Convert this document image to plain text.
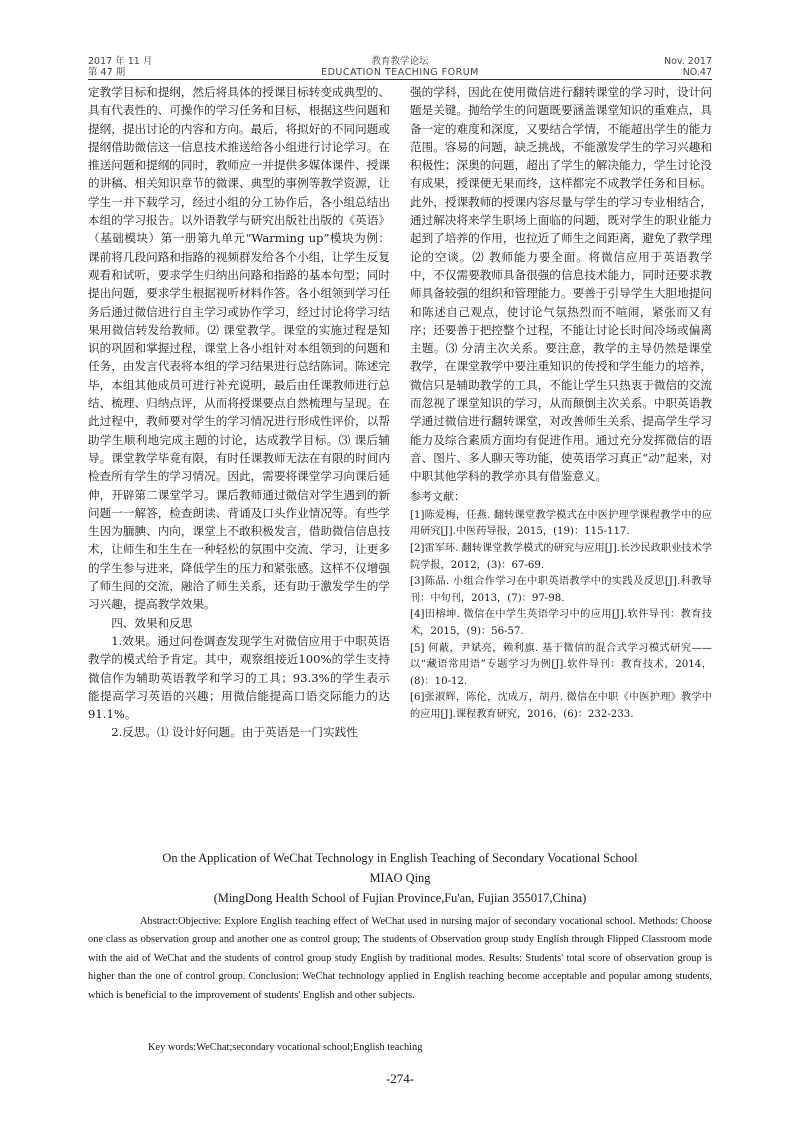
2017 年 11 月
第 47 期
教育教学论坛
EDUCATION TEACHING FORUM
Nov. 2017
NO.47

定教学目标和提纲，然后将具体的授课目标转变成典型的、具有代表性的、可操作的学习任务和目标，根据这些问题和提纲，提出讨论的内容和方向。最后，将拟好的不同问题或提纲借助微信这一信息技术推送给各小组进行讨论学习。在推送问题和提纲的同时，教师应一并提供多媒体课件、授课的讲稿、相关知识章节的微课、典型的事例等教学资源，让学生一并下载学习，经过小组的分工协作后，各小组总结出本组的学习报告。以外语教学与研究出版社出版的《英语》（基础模块）第一册第九单元“Warming up”模块为例：课前将几段问路和指路的视频群发给各个小组，让学生反复观看和试听，要求学生归纳出问路和指路的基本句型；同时提出问题，要求学生根据视听材料作答。各小组领到学习任务后通过微信进行自主学习或协作学习，经过讨论将学习结果用微信转发给教师。⑵ 课堂教学。课堂的实施过程是知识的巩固和掌握过程，课堂上各小组针对本组领到的问题和任务，由发言代表将本组的学习结果进行总结陈词。陈述完毕，本组其他成员可进行补充说明，最后由任课教师进行总结、梳理、归纳点评，从而将授课要点自然梳理与呈现。在此过程中，教师要对学生的学习情况进行形成性评价，以帮助学生顺利地完成主题的讨论，达成教学目标。⑶ 课后辅导。课堂教学毕竟有限，有时任课教师无法在有限的时间内检查所有学生的学习情况。因此，需要将课堂学习向课后延伸，开辟第二课堂学习。课后教师通过微信对学生遇到的新问题一一解答，检查朗读、背诵及口头作业情况等。有些学生因为腼腆、内向，课堂上不敢积极发言，借助微信信息技术，让师生和生生在一种轻松的氛围中交流、学习，让更多的学生参与进来，降低学生的压力和紧张感。这样不仅增强了师生间的交流，融洽了师生关系，还有助于激发学生的学习兴趣，提高教学效果。

四、效果和反思

1.效果。通过问卷调查发现学生对微信应用于中职英语教学的模式给予肯定。其中，观察组接近100%的学生支持微信作为辅助英语教学和学习的工具；93.3%的学生表示能提高学习英语的兴趣；用微信能提高口语交际能力的达91.1%。

2.反思。⑴ 设计好问题。由于英语是一门实践性

强的学科，因此在使用微信进行翻转课堂的学习时，设计问题是关键。抛给学生的问题既要涵盖课堂知识的重难点，具备一定的难度和深度，又要结合学情，不能超出学生的能力范围。容易的问题，缺乏挑战，不能激发学生的学习兴趣和积极性；深奥的问题，超出了学生的解决能力，学生讨论没有成果，授课便无果而终，这样都完不成教学任务和目标。此外，授课教师的授课内容尽量与学生的学习专业相结合，通过解决将来学生职场上面临的问题，既对学生的职业能力起到了培养的作用，也拉近了师生之间距离，避免了教学理论的空谈。⑵ 教师能力要全面。将微信应用于英语教学中，不仅需要教师具备很强的信息技术能力，同时还要求教师具备较强的组织和管理能力。要善于引导学生大胆地提问和陈述自己观点，使讨论气氛热烈而不喧闹，紧张而又有序；还要善于把控整个过程，不能让讨论长时间冷场或偏离主题。⑶ 分清主次关系。要注意，教学的主导仍然是课堂教学，在课堂教学中要注重知识的传授和学生能力的培养，微信只是辅助教学的工具，不能让学生只热衷于微信的交流而忽视了课堂知识的学习，从而颠倒主次关系。中职英语教学通过微信进行翻转课堂，对改善师生关系、提高学生学习能力及综合素质方面均有促进作用。通过充分发挥微信的语音、图片、多人聊天等功能，使英语学习真正“动”起来，对中职其他学科的教学亦具有借鉴意义。

参考文献：

[1]陈爱梅，任燕. 翻转课堂教学模式在中医护理学课程教学中的应用研究[J].中医药导报，2015，(19)：115-117.

[2]雷军环. 翻转课堂教学模式的研究与应用[J].长沙民政职业技术学院学报，2012，(3)：67-69.

[3]陈晶. 小组合作学习在中职英语教学中的实践及反思[J].科教导刊：中旬刊，2013，(7)：97-98.

[4]田榕坤. 微信在中学生英语学习中的应用[J].软件导刊：教育技术，2015，(9)：56-57.

[5] 何蔽，尹斌亮，赖利旗. 基于微信的混合式学习模式研究——以“藏语常用语”专题学习为例[J].软件导刊：教育技术，2014，(8)：10-12.

[6]张淑辉，陈伦，沈成万，胡丹. 微信在中职《中医护理》教学中的应用[J].课程教育研究，2016，(6)：232-233.

On the Application of WeChat Technology in English Teaching of Secondary Vocational School
MIAO Qing
(MingDong Health School of Fujian Province,Fu'an, Fujian 355017,China)
Abstract:Objective: Explore English teaching effect of WeChat used in nursing major of secondary vocational school. Methods: Choose one class as observation group and another one as control group; The students of Observation group study English through Flipped Classroom mode with the aid of WeChat and the students of control group study English by traditional modes. Results: Students' total score of observation group is higher than the one of control group. Conclusion: WeChat technology applied in English teaching become acceptable and popular among students, which is beneficial to the improvement of students' English and other subjects.
Key words:WeChat;secondary vocational school;English teaching
-274-
